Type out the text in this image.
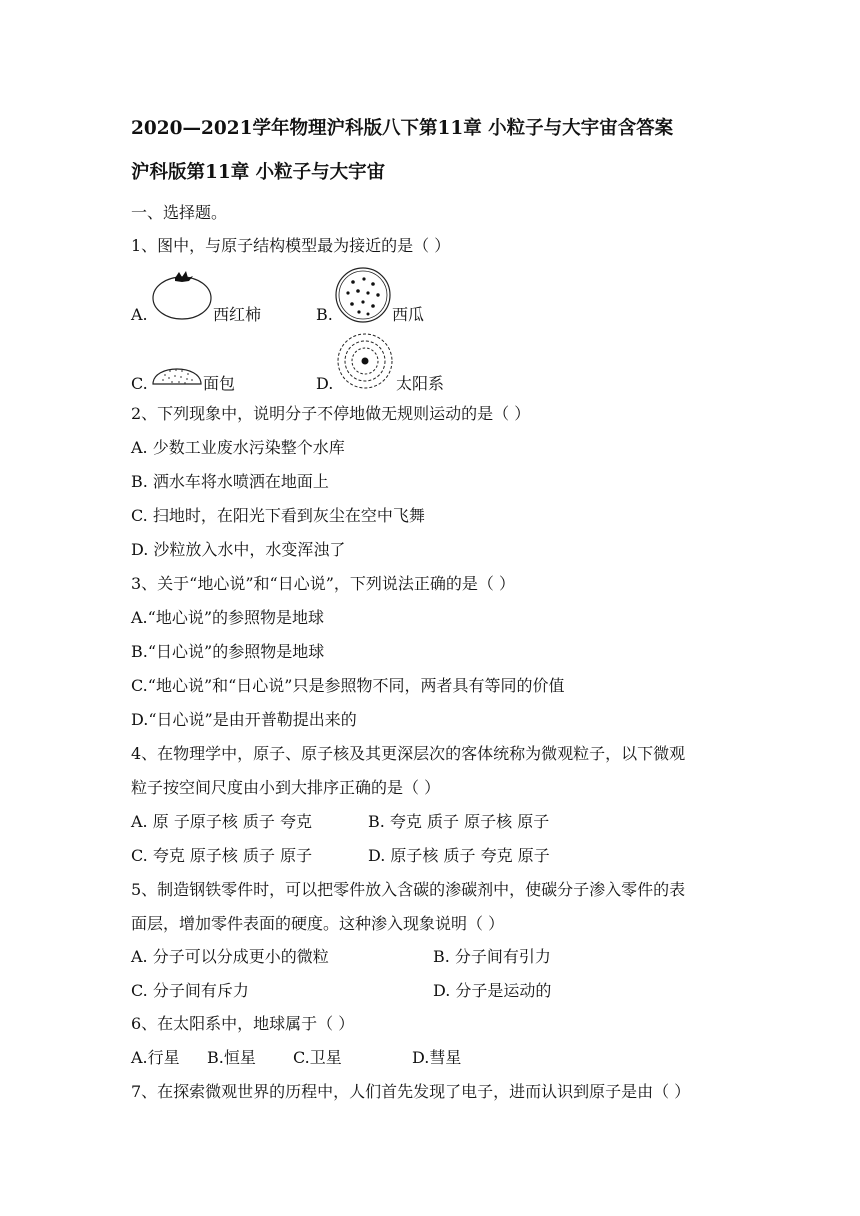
2020—2021学年物理沪科版八下第11章 小粒子与大宇宙含答案
沪科版第11章 小粒子与大宇宙
一、选择题。
1、图中，与原子结构模型最为接近的是（ ）
A.	西红柿	B.	西瓜
C.	面包	D.	太阳系
2、下列现象中，说明分子不停地做无规则运动的是（ ）
A. 少数工业废水污染整个水库
B. 洒水车将水喷洒在地面上
C. 扫地时，在阳光下看到灰尘在空中飞舞
D. 沙粒放入水中，水变浑浊了
3、关于“地心说”和“日心说”，下列说法正确的是（ ）
A.“地心说”的参照物是地球
B.“日心说”的参照物是地球
C.“地心说”和“日心说”只是参照物不同，两者具有等同的价值
D.“日心说”是由开普勒提出来的
4、在物理学中，原子、原子核及其更深层次的客体统称为微观粒子，以下微观
粒子按空间尺度由小到大排序正确的是（ ）
A. 原 子原子核 质子 夸克	B. 夸克 质子 原子核 原子
C. 夸克 原子核 质子 原子	D. 原子核 质子 夸克 原子
5、制造钢铁零件时，可以把零件放入含碳的渗碳剂中，使碳分子渗入零件的表
面层，增加零件表面的硬度。这种渗入现象说明（ ）
A. 分子可以分成更小的微粒	B. 分子间有引力
C. 分子间有斥力	D. 分子是运动的
6、在太阳系中，地球属于（ ）
A.行星 B.恒星 C.卫星	D.彗星
7、在探索微观世界的历程中，人们首先发现了电子，进而认识到原子是由（ ）
